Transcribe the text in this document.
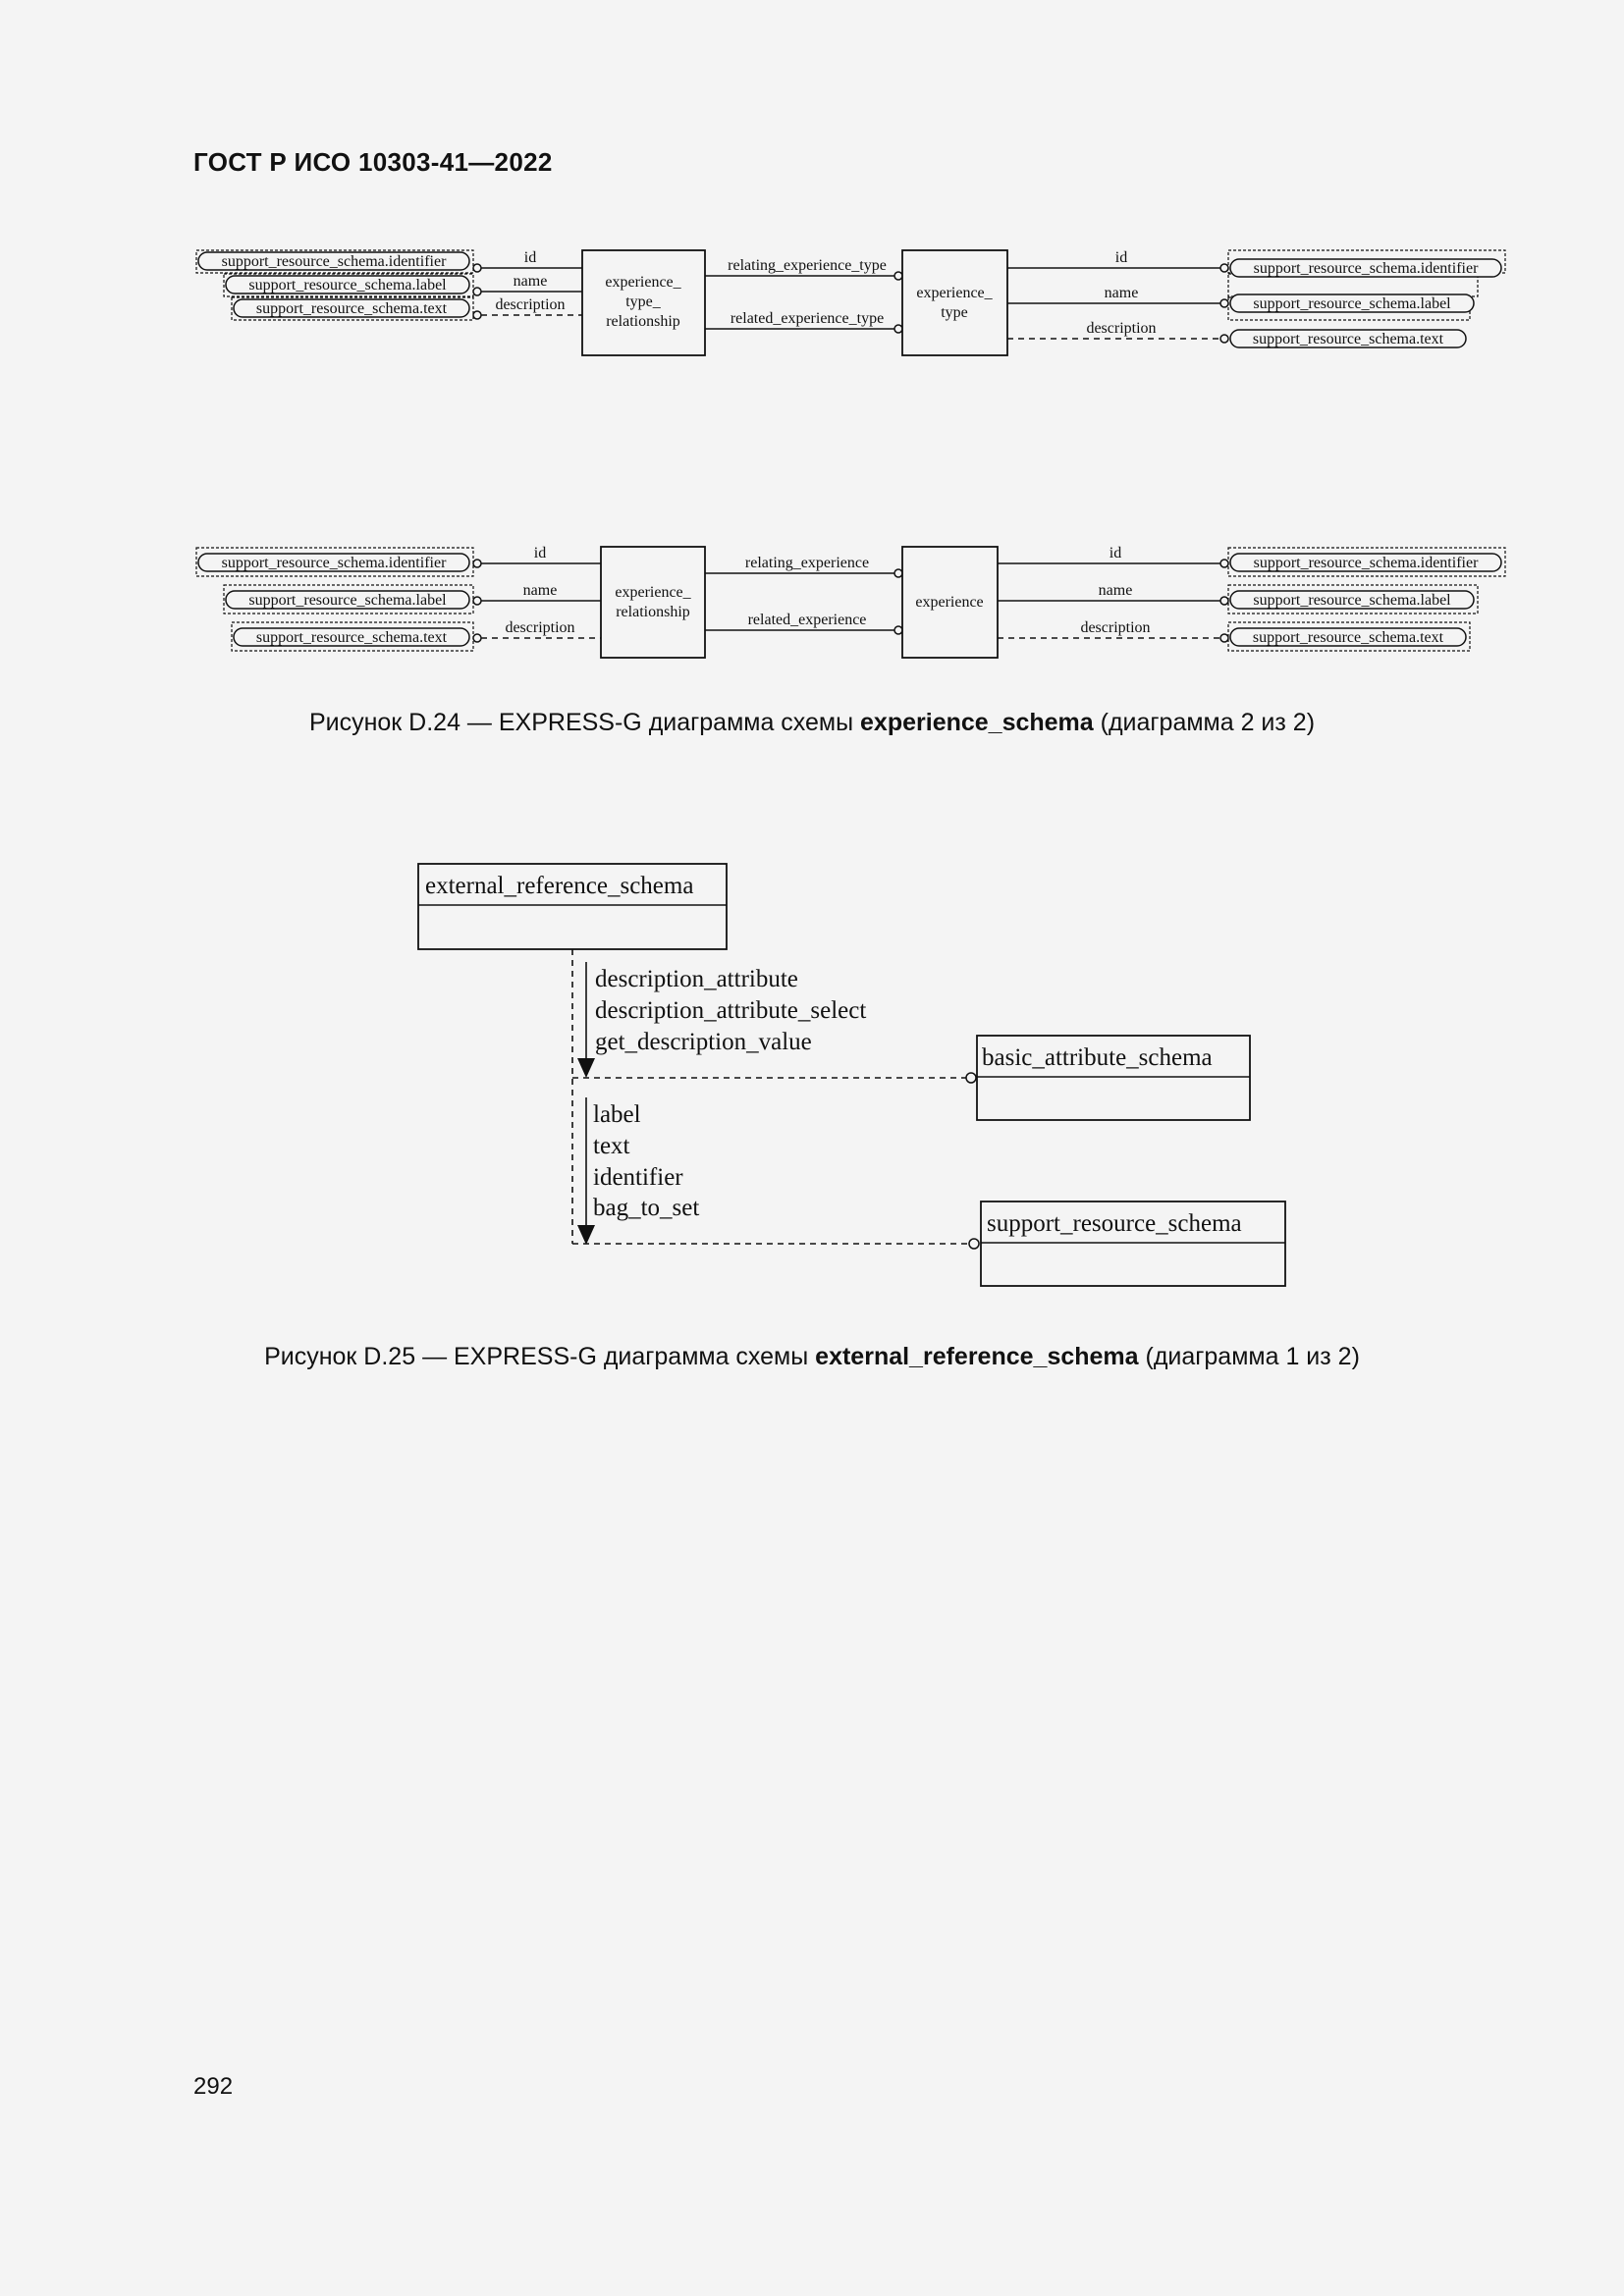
ГОСТ Р ИСО 10303-41—2022
support_resource_schema.identifier
support_resource_schema.label
support_resource_schema.text
id
name
description
experience_
type_
relationship
relating_experience_type
related_experience_type
experience_
type
id
name
description
support_resource_schema.identifier
support_resource_schema.label
support_resource_schema.text
support_resource_schema.identifier
support_resource_schema.label
support_resource_schema.text
id
name
description
experience_
relationship
relating_experience
related_experience
experience
id
name
description
support_resource_schema.identifier
support_resource_schema.label
support_resource_schema.text
Рисунок D.24 — EXPRESS-G диаграмма схемы experience_schema (диаграмма 2 из 2)
external_reference_schema
description_attribute
description_attribute_select
get_description_value
basic_attribute_schema
label
text
identifier
bag_to_set
support_resource_schema
Рисунок D.25 — EXPRESS-G диаграмма схемы external_reference_schema (диаграмма 1 из 2)
292
